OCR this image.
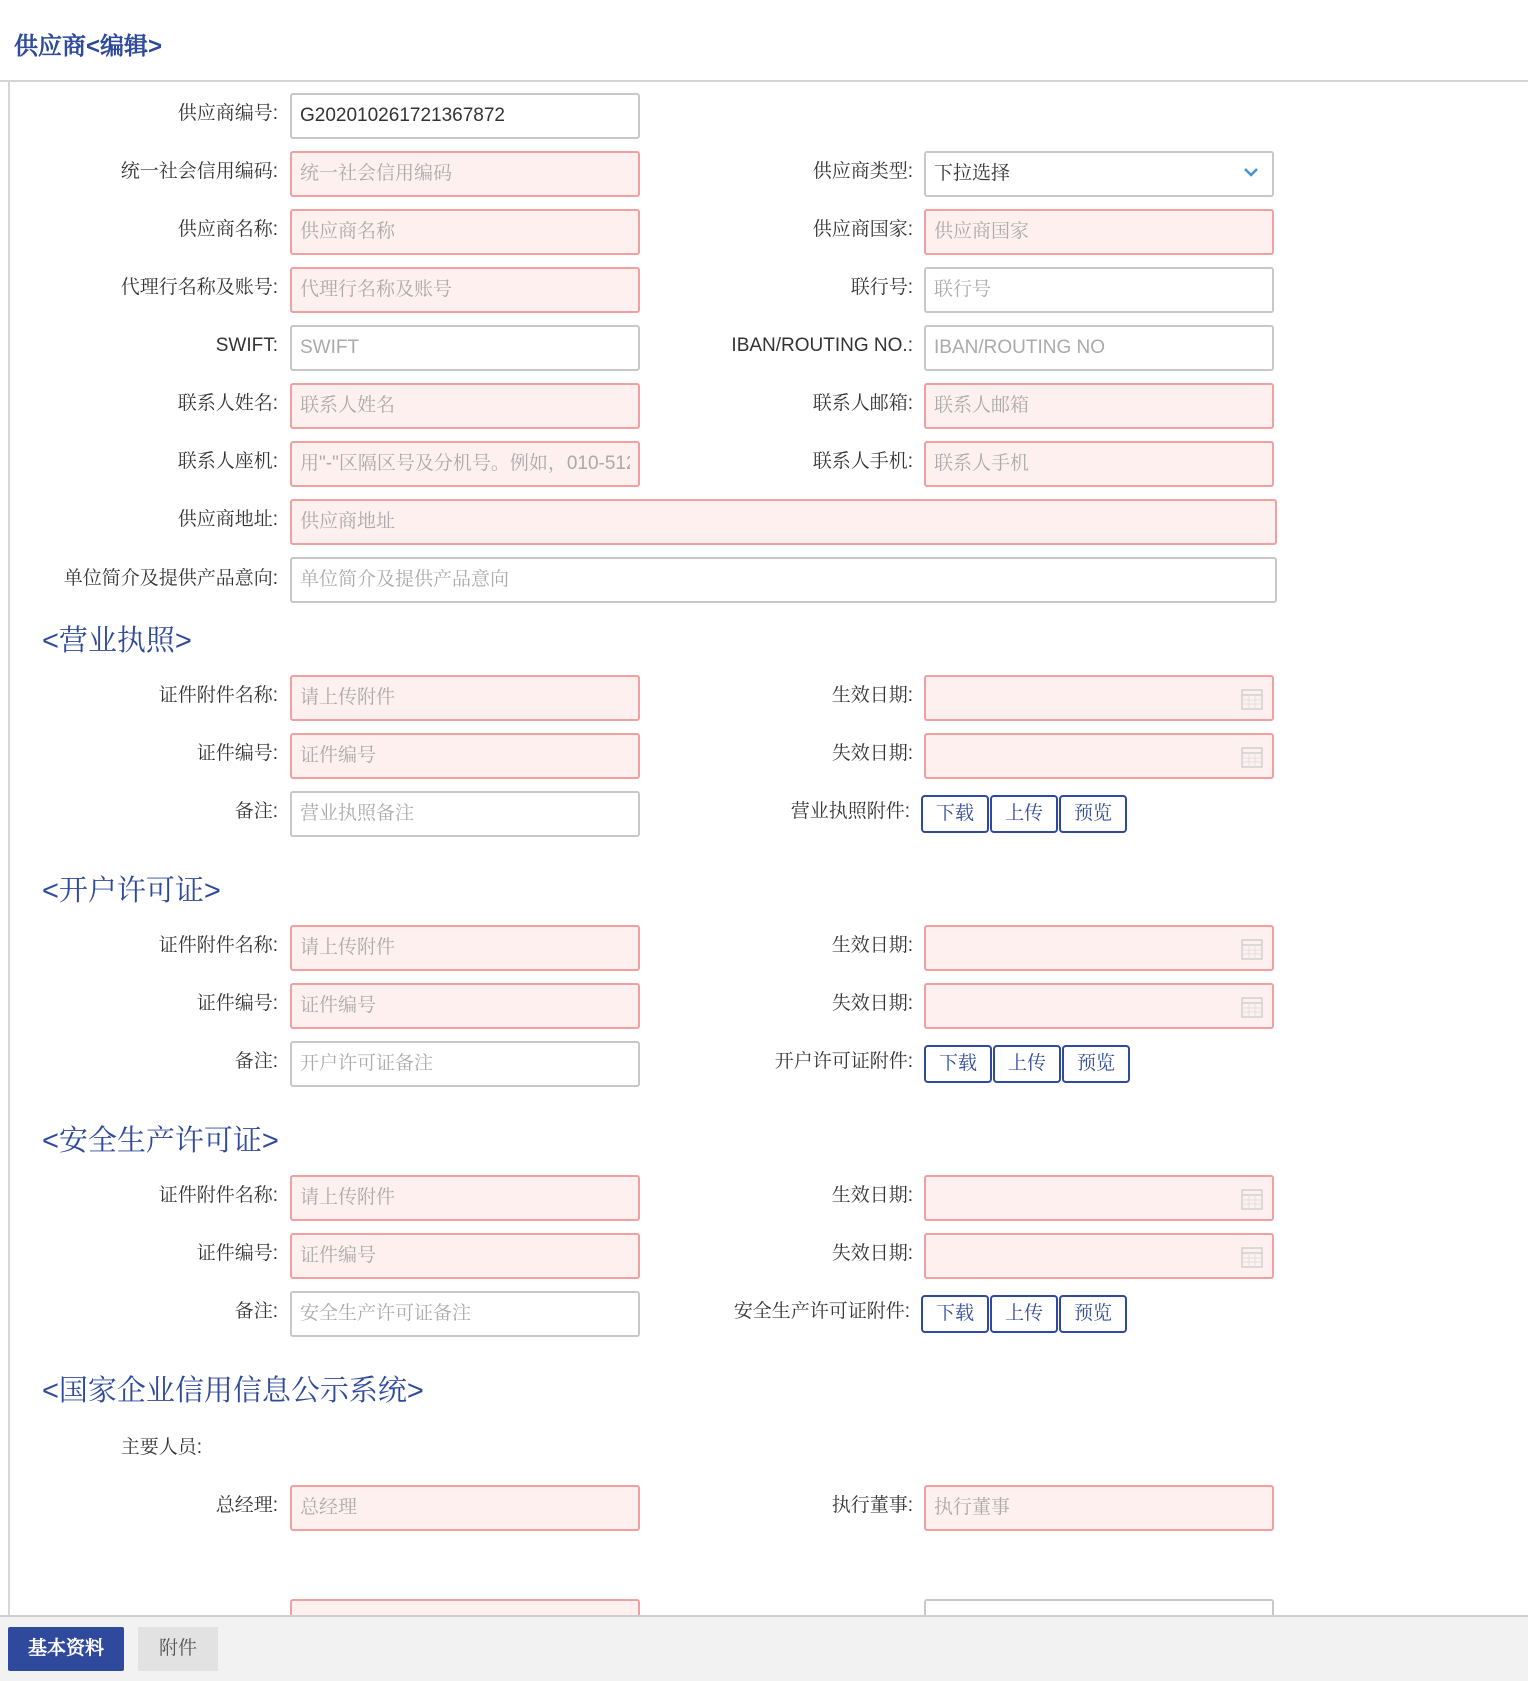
供应商<编辑>
供应商编号:
G202010261721367872
统一社会信用编码:
统一社会信用编码	供应商类型:	下拉选择
供应商名称:
供应商名称	供应商国家:
供应商国家
代理行名称及账号:
代理行名称及账号	联行号:
联行号
SWIFT:
SWIFT	IBAN/ROUTING NO.:
IBAN/ROUTING NO
联系人姓名:
联系人姓名	联系人邮箱:
联系人邮箱
联系人座机:
用"-"区隔区号及分机号。例如，010-51234567	联系人手机:
联系人手机
供应商地址:
供应商地址
单位简介及提供产品意向:
单位简介及提供产品意向
<营业执照>
证件附件名称:
请上传附件	生效日期:
证件编号:
证件编号	失效日期:
备注:
营业执照备注	营业执照附件:	下载	上传	预览
<开户许可证>
证件附件名称:
请上传附件	生效日期:
证件编号:
证件编号	失效日期:
备注:
开户许可证备注	开户许可证附件:	下载	上传	预览
<安全生产许可证>
证件附件名称:
请上传附件	生效日期:
证件编号:
证件编号	失效日期:
备注:
安全生产许可证备注	安全生产许可证附件:	下载	上传	预览
<国家企业信用信息公示系统>
主要人员:
总经理:
总经理	执行董事:
执行董事
基本资料	附件
